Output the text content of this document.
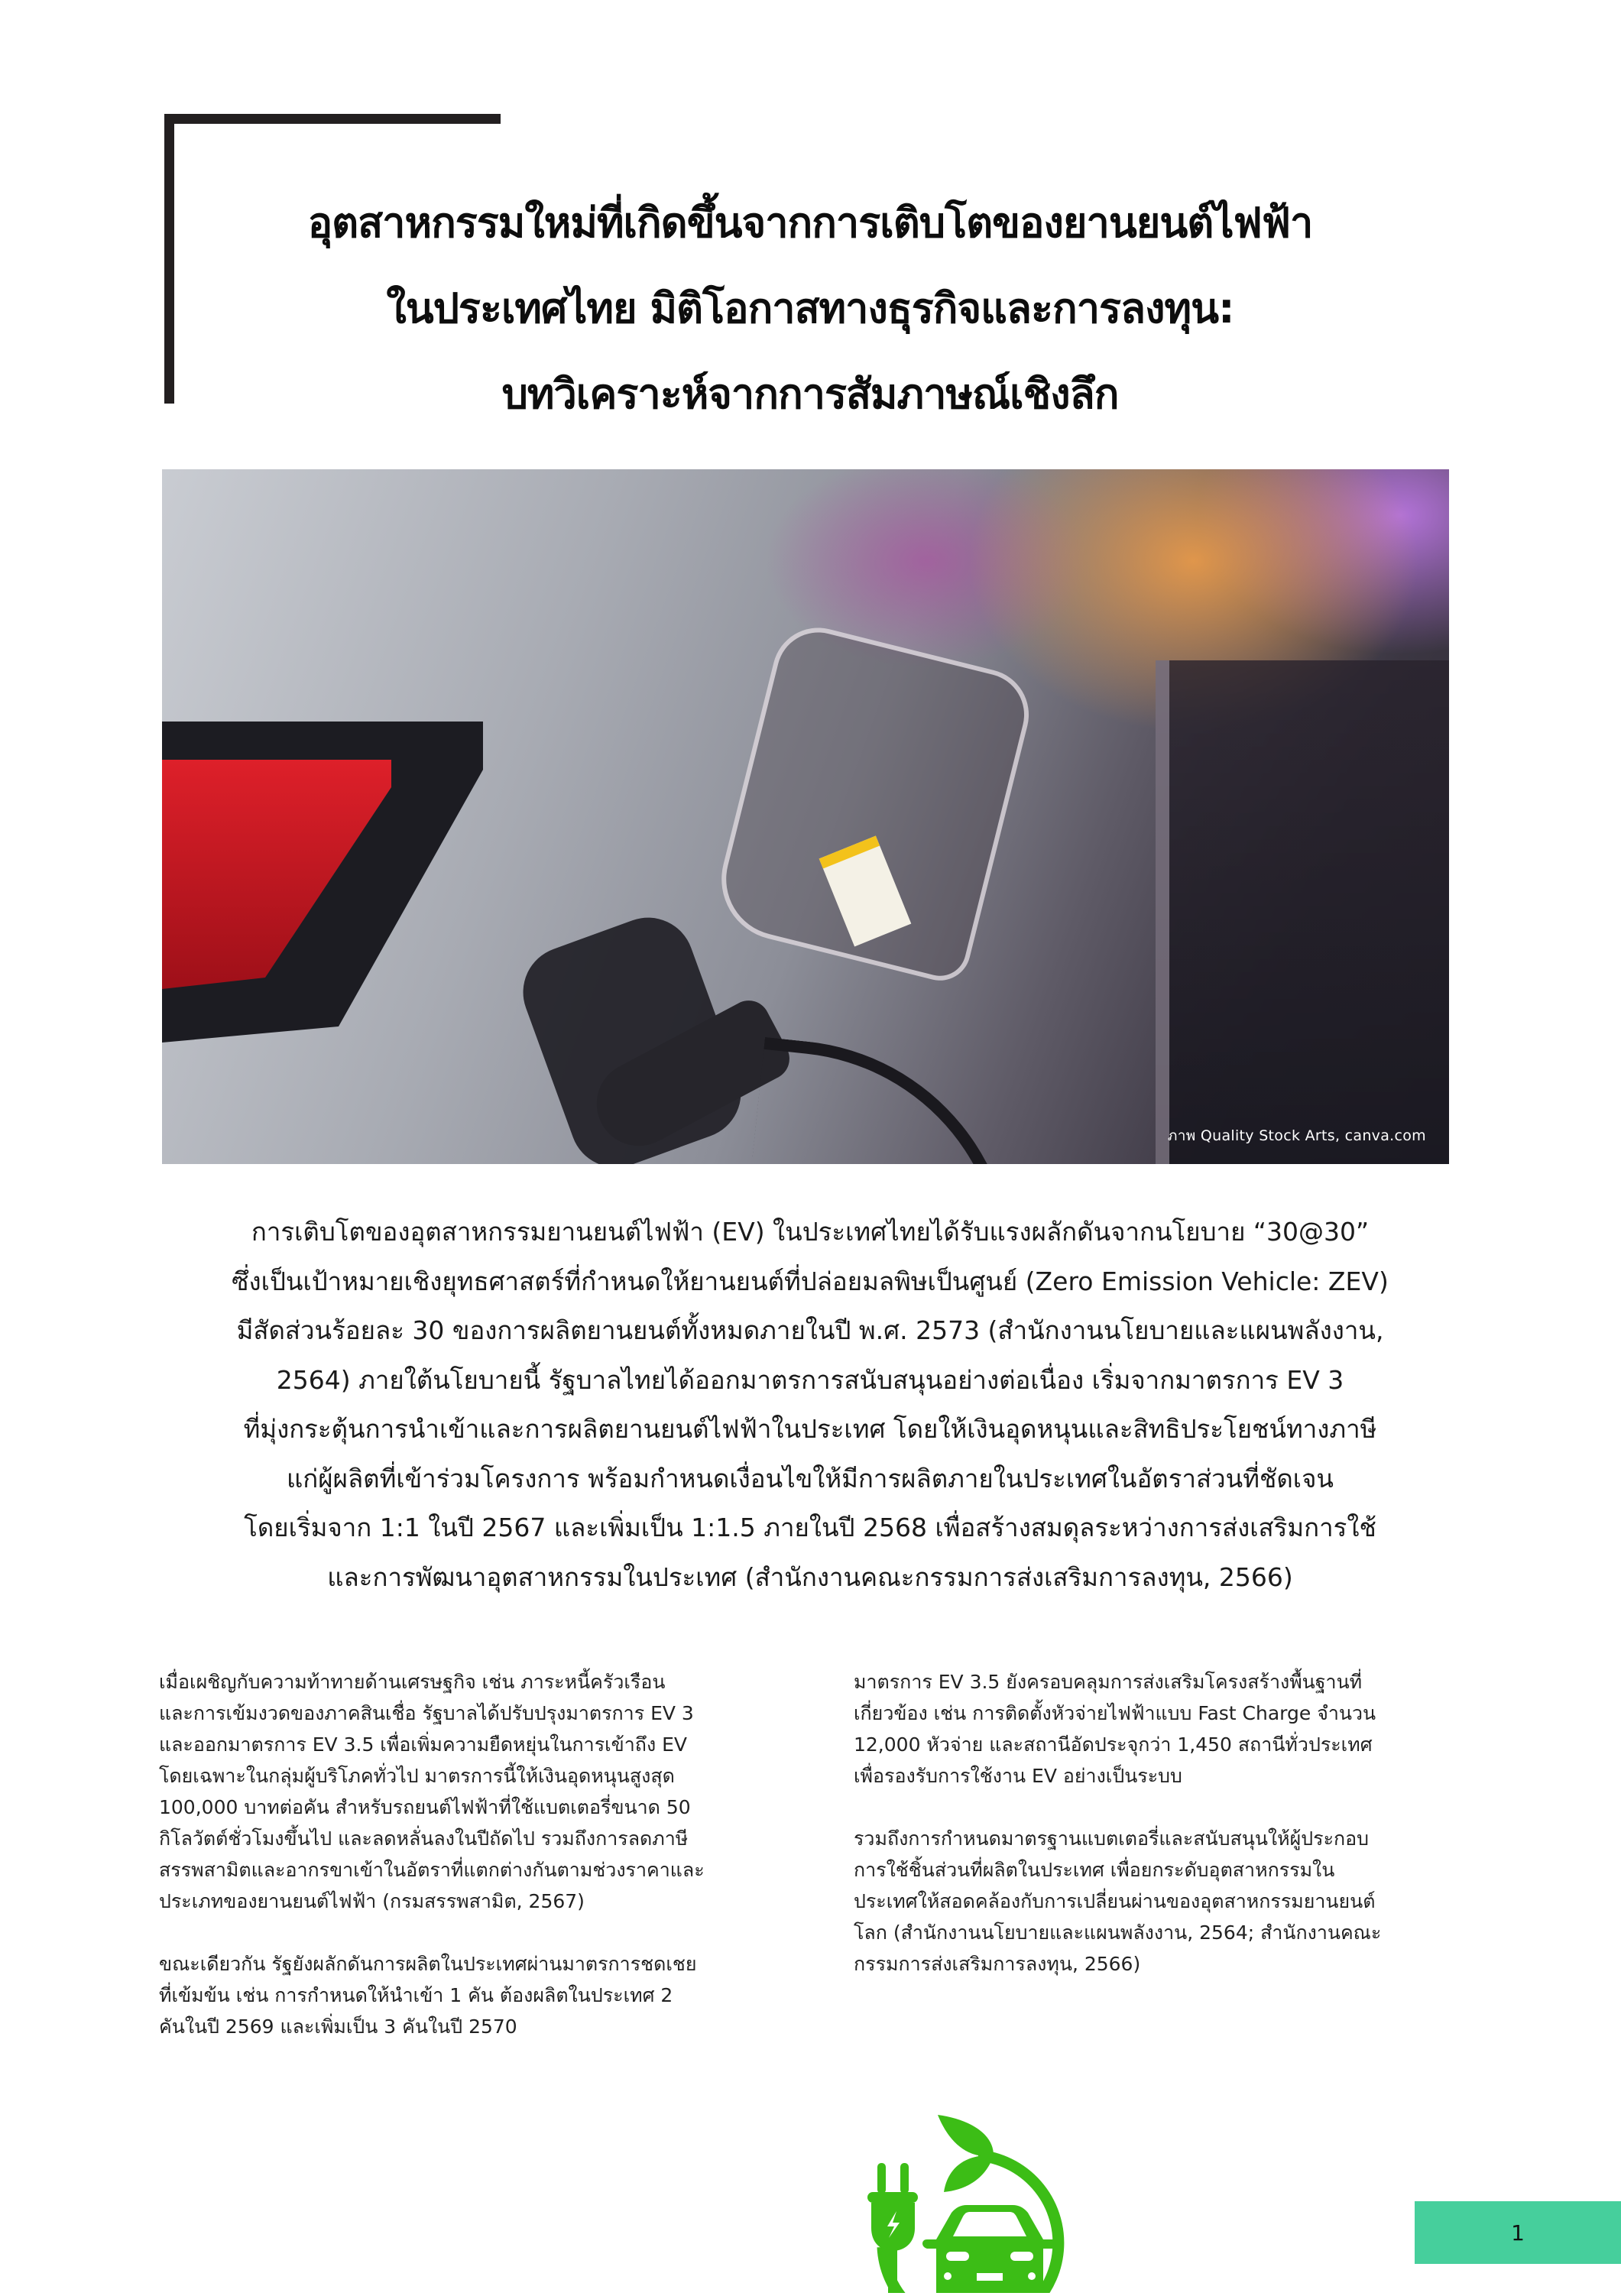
อุตสาหกรรมใหม่ที่เกิดขึ้นจากการเติบโตของยานยนต์ไฟฟ้า
ในประเทศไทย มิติโอกาสทางธุรกิจและการลงทุน:
บทวิเคราะห์จากการสัมภาษณ์เชิงลึก
ภาพ Quality Stock Arts, canva.com
การเติบโตของอุตสาหกรรมยานยนต์ไฟฟ้า (EV) ในประเทศไทยได้รับแรงผลักดันจากนโยบาย “30@30”
ซึ่งเป็นเป้าหมายเชิงยุทธศาสตร์ที่กำหนดให้ยานยนต์ที่ปล่อยมลพิษเป็นศูนย์ (Zero Emission Vehicle: ZEV)
มีสัดส่วนร้อยละ 30 ของการผลิตยานยนต์ทั้งหมดภายในปี พ.ศ. 2573 (สำนักงานนโยบายและแผนพลังงาน,
2564) ภายใต้นโยบายนี้ รัฐบาลไทยได้ออกมาตรการสนับสนุนอย่างต่อเนื่อง เริ่มจากมาตรการ EV 3
ที่มุ่งกระตุ้นการนำเข้าและการผลิตยานยนต์ไฟฟ้าในประเทศ โดยให้เงินอุดหนุนและสิทธิประโยชน์ทางภาษี
แก่ผู้ผลิตที่เข้าร่วมโครงการ พร้อมกำหนดเงื่อนไขให้มีการผลิตภายในประเทศในอัตราส่วนที่ชัดเจน
โดยเริ่มจาก 1:1 ในปี 2567 และเพิ่มเป็น 1:1.5 ภายในปี 2568 เพื่อสร้างสมดุลระหว่างการส่งเสริมการใช้
และการพัฒนาอุตสาหกรรมในประเทศ (สำนักงานคณะกรรมการส่งเสริมการลงทุน, 2566)

เมื่อเผชิญกับความท้าทายด้านเศรษฐกิจ เช่น ภาระหนี้ครัวเรือน
และการเข้มงวดของภาคสินเชื่อ รัฐบาลได้ปรับปรุงมาตรการ EV 3
และออกมาตรการ EV 3.5 เพื่อเพิ่มความยืดหยุ่นในการเข้าถึง EV
โดยเฉพาะในกลุ่มผู้บริโภคทั่วไป มาตรการนี้ให้เงินอุดหนุนสูงสุด
100,000 บาทต่อคัน สำหรับรถยนต์ไฟฟ้าที่ใช้แบตเตอรี่ขนาด 50
กิโลวัตต์ชั่วโมงขึ้นไป และลดหลั่นลงในปีถัดไป รวมถึงการลดภาษี
สรรพสามิตและอากรขาเข้าในอัตราที่แตกต่างกันตามช่วงราคาและ
ประเภทของยานยนต์ไฟฟ้า (กรมสรรพสามิต, 2567)

ขณะเดียวกัน รัฐยังผลักดันการผลิตในประเทศผ่านมาตรการชดเชย
ที่เข้มข้น เช่น การกำหนดให้นำเข้า 1 คัน ต้องผลิตในประเทศ 2
คันในปี 2569 และเพิ่มเป็น 3 คันในปี 2570

มาตรการ EV 3.5 ยังครอบคลุมการส่งเสริมโครงสร้างพื้นฐานที่
เกี่ยวข้อง เช่น การติดตั้งหัวจ่ายไฟฟ้าแบบ Fast Charge จำนวน
12,000 หัวจ่าย และสถานีอัดประจุกว่า 1,450 สถานีทั่วประเทศ
เพื่อรองรับการใช้งาน EV อย่างเป็นระบบ

รวมถึงการกำหนดมาตรฐานแบตเตอรี่และสนับสนุนให้ผู้ประกอบ
การใช้ชิ้นส่วนที่ผลิตในประเทศ เพื่อยกระดับอุตสาหกรรมใน
ประเทศให้สอดคล้องกับการเปลี่ยนผ่านของอุตสาหกรรมยานยนต์
โลก (สำนักงานนโยบายและแผนพลังงาน, 2564; สำนักงานคณะ
กรรมการส่งเสริมการลงทุน, 2566)

1
